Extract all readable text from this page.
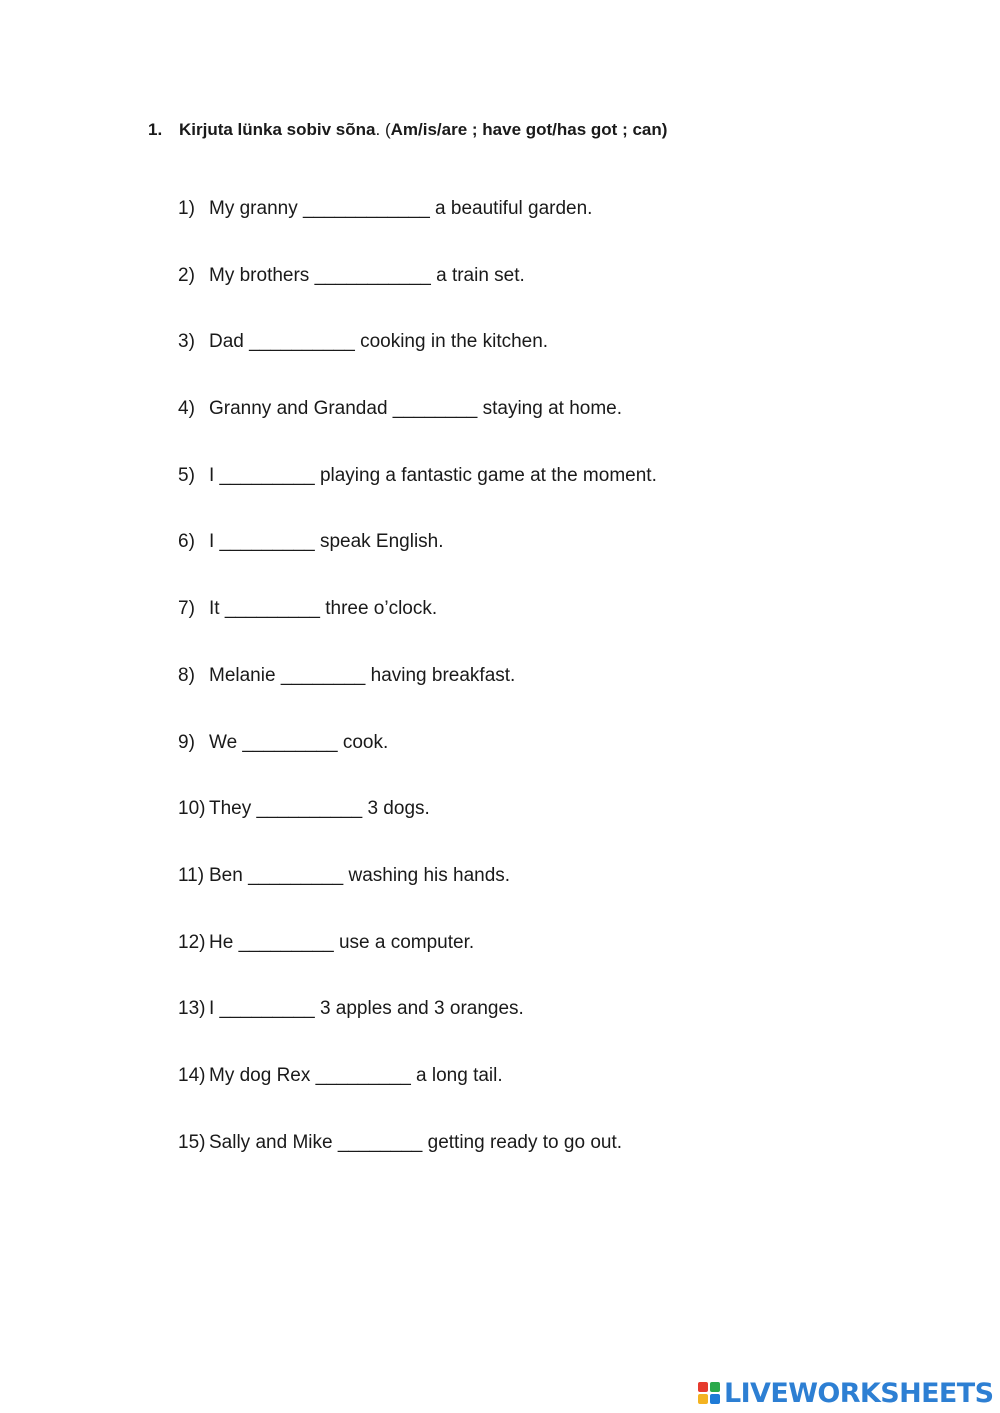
1. Kirjuta lünka sobiv sõna. (Am/is/are ; have got/has got ; can)
1) My granny ____________ a beautiful garden.
2) My brothers ___________ a train set.
3) Dad __________ cooking in the kitchen.
4) Granny and Grandad ________ staying at home.
5) I _________ playing a fantastic game at the moment.
6) I _________ speak English.
7) It _________ three o’clock.
8) Melanie ________ having breakfast.
9) We _________ cook.
10) They __________ 3 dogs.
11) Ben _________ washing his hands.
12) He _________ use a computer.
13) I _________ 3 apples and 3 oranges.
14) My dog Rex _________ a long tail.
15) Sally and Mike ________ getting ready to go out.
LIVEWORKSHEETS
